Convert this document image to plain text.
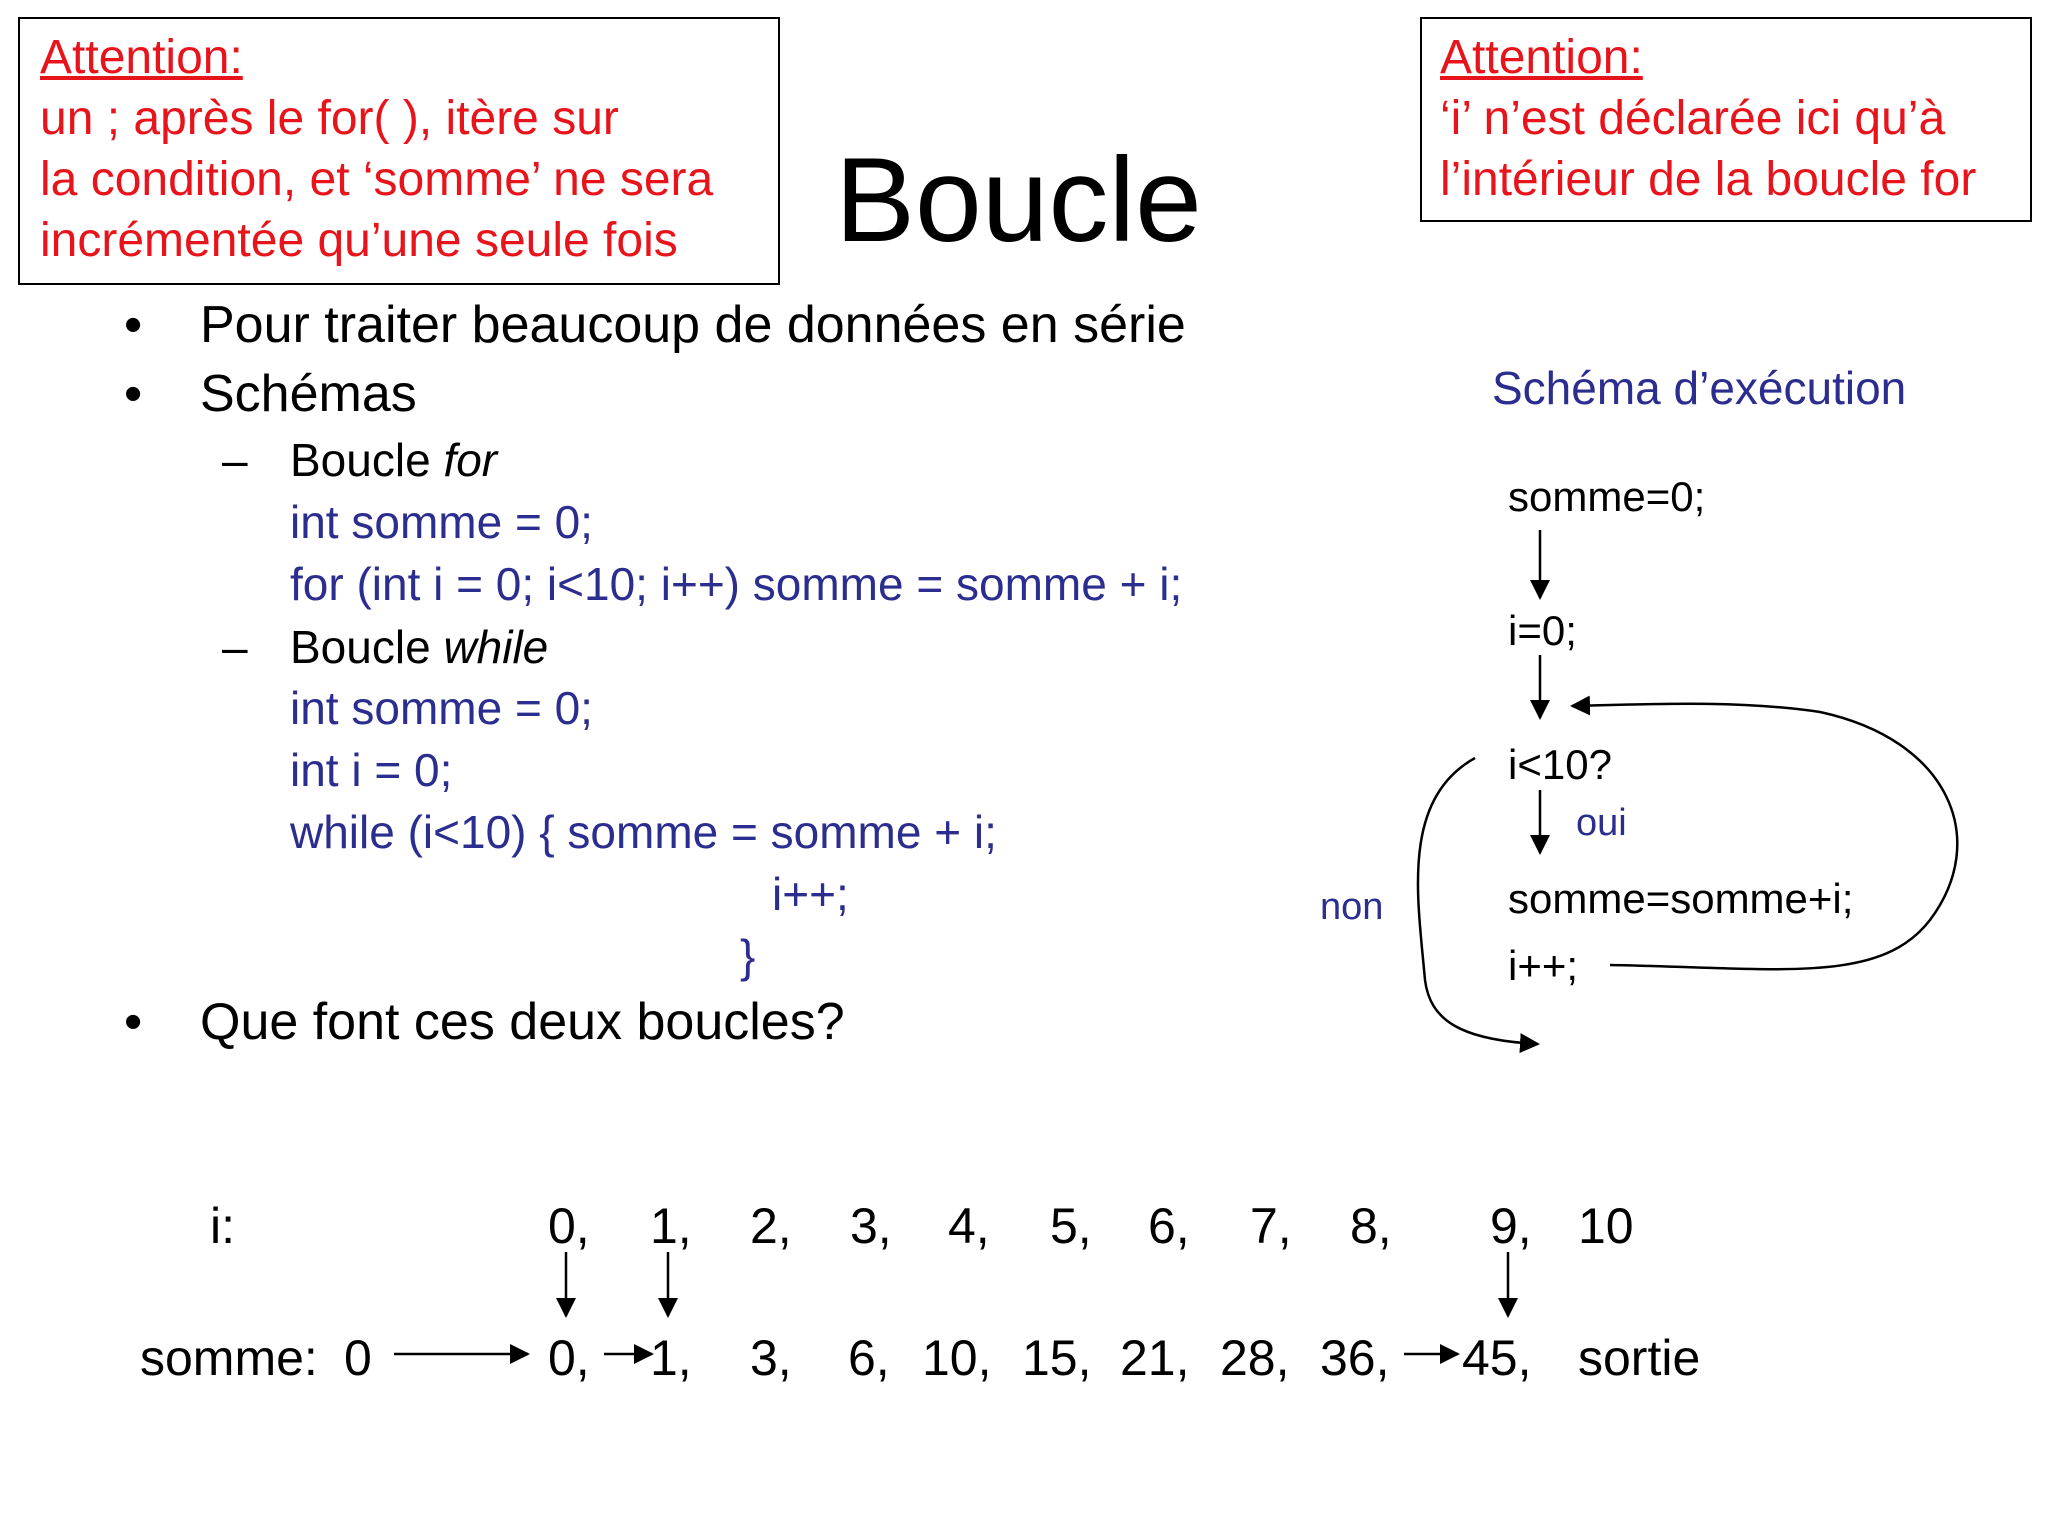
Attention:
un ; après le for( ), itère sur
la condition, et ‘somme’ ne sera
incrémentée qu’une seule fois
Attention:
‘i’ n’est déclarée ici qu’à
l’intérieur de la boucle for
Boucle
• Pour traiter beaucoup de données en série
• Schémas
– Boucle for
int somme = 0;
for (int i = 0; i<10; i++) somme = somme + i;
– Boucle while
int somme = 0;
int i = 0;
while (i<10) { somme = somme + i;
i++;
}
• Que font ces deux boucles?
Schéma d’exécution
somme=0;
i=0;
i<10?
oui
non	somme=somme+i;
i++;
i:	0, 1, 2, 3, 4, 5, 6, 7, 8, 9, 10
somme: 0	0, 1, 3, 6, 10, 15, 21, 28, 36, 45, sortie
